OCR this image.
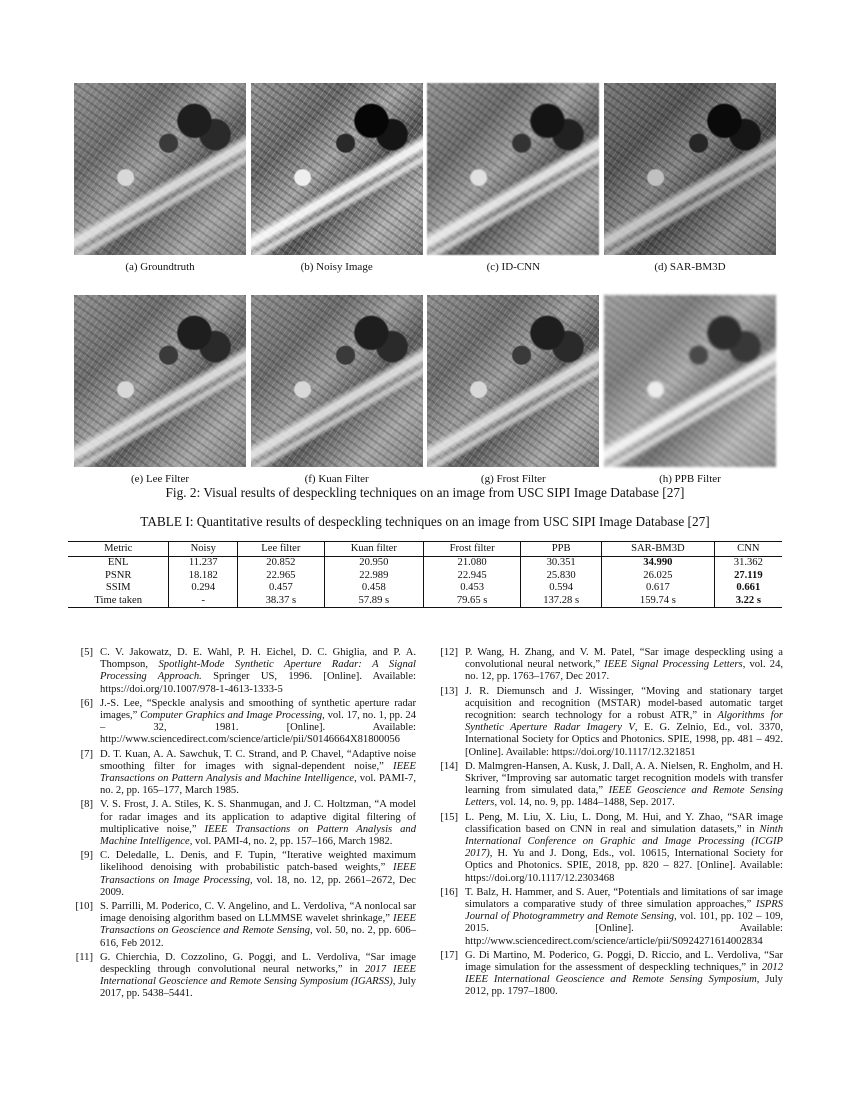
(a) Groundtruth	(b) Noisy Image	(c) ID-CNN	(d) SAR-BM3D
(e) Lee Filter	(f) Kuan Filter	(g) Frost Filter	(h) PPB Filter
Fig. 2: Visual results of despeckling techniques on an image from USC SIPI Image Database [27]
TABLE I: Quantitative results of despeckling techniques on an image from USC SIPI Image Database [27]
Metric	Noisy	Lee filter	Kuan filter	Frost filter	PPB	SAR-BM3D	CNN
ENL	11.237	20.852	20.950	21.080	30.351	34.990	31.362
PSNR	18.182	22.965	22.989	22.945	25.830	26.025	27.119
SSIM	0.294	0.457	0.458	0.453	0.594	0.617	0.661
Time taken	-	38.37 s	57.89 s	79.65 s	137.28 s	159.74 s	3.22 s
[5] C. V. Jakowatz, D. E. Wahl, P. H. Eichel, D. C. Ghiglia, and P. A. Thompson, Spotlight-Mode Synthetic Aperture Radar: A Signal Processing Approach. Springer US, 1996. [Online]. Available: https://doi.org/10.1007/978-1-4613-1333-5
[6] J.-S. Lee, “Speckle analysis and smoothing of synthetic aperture radar images,” Computer Graphics and Image Processing, vol. 17, no. 1, pp. 24 – 32, 1981. [Online]. Available: http://www.sciencedirect.com/science/article/pii/S0146664X81800056
[7] D. T. Kuan, A. A. Sawchuk, T. C. Strand, and P. Chavel, “Adaptive noise smoothing filter for images with signal-dependent noise,” IEEE Transactions on Pattern Analysis and Machine Intelligence, vol. PAMI-7, no. 2, pp. 165–177, March 1985.
[8] V. S. Frost, J. A. Stiles, K. S. Shanmugan, and J. C. Holtzman, “A model for radar images and its application to adaptive digital filtering of multiplicative noise,” IEEE Transactions on Pattern Analysis and Machine Intelligence, vol. PAMI-4, no. 2, pp. 157–166, March 1982.
[9] C. Deledalle, L. Denis, and F. Tupin, “Iterative weighted maximum likelihood denoising with probabilistic patch-based weights,” IEEE Transactions on Image Processing, vol. 18, no. 12, pp. 2661–2672, Dec 2009.
[10] S. Parrilli, M. Poderico, C. V. Angelino, and L. Verdoliva, “A nonlocal sar image denoising algorithm based on LLMMSE wavelet shrinkage,” IEEE Transactions on Geoscience and Remote Sensing, vol. 50, no. 2, pp. 606–616, Feb 2012.
[11] G. Chierchia, D. Cozzolino, G. Poggi, and L. Verdoliva, “Sar image despeckling through convolutional neural networks,” in 2017 IEEE International Geoscience and Remote Sensing Symposium (IGARSS), July 2017, pp. 5438–5441.
[12] P. Wang, H. Zhang, and V. M. Patel, “Sar image despeckling using a convolutional neural network,” IEEE Signal Processing Letters, vol. 24, no. 12, pp. 1763–1767, Dec 2017.
[13] J. R. Diemunsch and J. Wissinger, “Moving and stationary target acquisition and recognition (MSTAR) model-based automatic target recognition: search technology for a robust ATR,” in Algorithms for Synthetic Aperture Radar Imagery V, E. G. Zelnio, Ed., vol. 3370, International Society for Optics and Photonics. SPIE, 1998, pp. 481 – 492. [Online]. Available: https://doi.org/10.1117/12.321851
[14] D. Malmgren-Hansen, A. Kusk, J. Dall, A. A. Nielsen, R. Engholm, and H. Skriver, “Improving sar automatic target recognition models with transfer learning from simulated data,” IEEE Geoscience and Remote Sensing Letters, vol. 14, no. 9, pp. 1484–1488, Sep. 2017.
[15] L. Peng, M. Liu, X. Liu, L. Dong, M. Hui, and Y. Zhao, “SAR image classification based on CNN in real and simulation datasets,” in Ninth International Conference on Graphic and Image Processing (ICGIP 2017), H. Yu and J. Dong, Eds., vol. 10615, International Society for Optics and Photonics. SPIE, 2018, pp. 820 – 827. [Online]. Available: https://doi.org/10.1117/12.2303468
[16] T. Balz, H. Hammer, and S. Auer, “Potentials and limitations of sar image simulators a comparative study of three simulation approaches,” ISPRS Journal of Photogrammetry and Remote Sensing, vol. 101, pp. 102 – 109, 2015. [Online]. Available: http://www.sciencedirect.com/science/article/pii/S0924271614002834
[17] G. Di Martino, M. Poderico, G. Poggi, D. Riccio, and L. Verdoliva, “Sar image simulation for the assessment of despeckling techniques,” in 2012 IEEE International Geoscience and Remote Sensing Symposium, July 2012, pp. 1797–1800.
